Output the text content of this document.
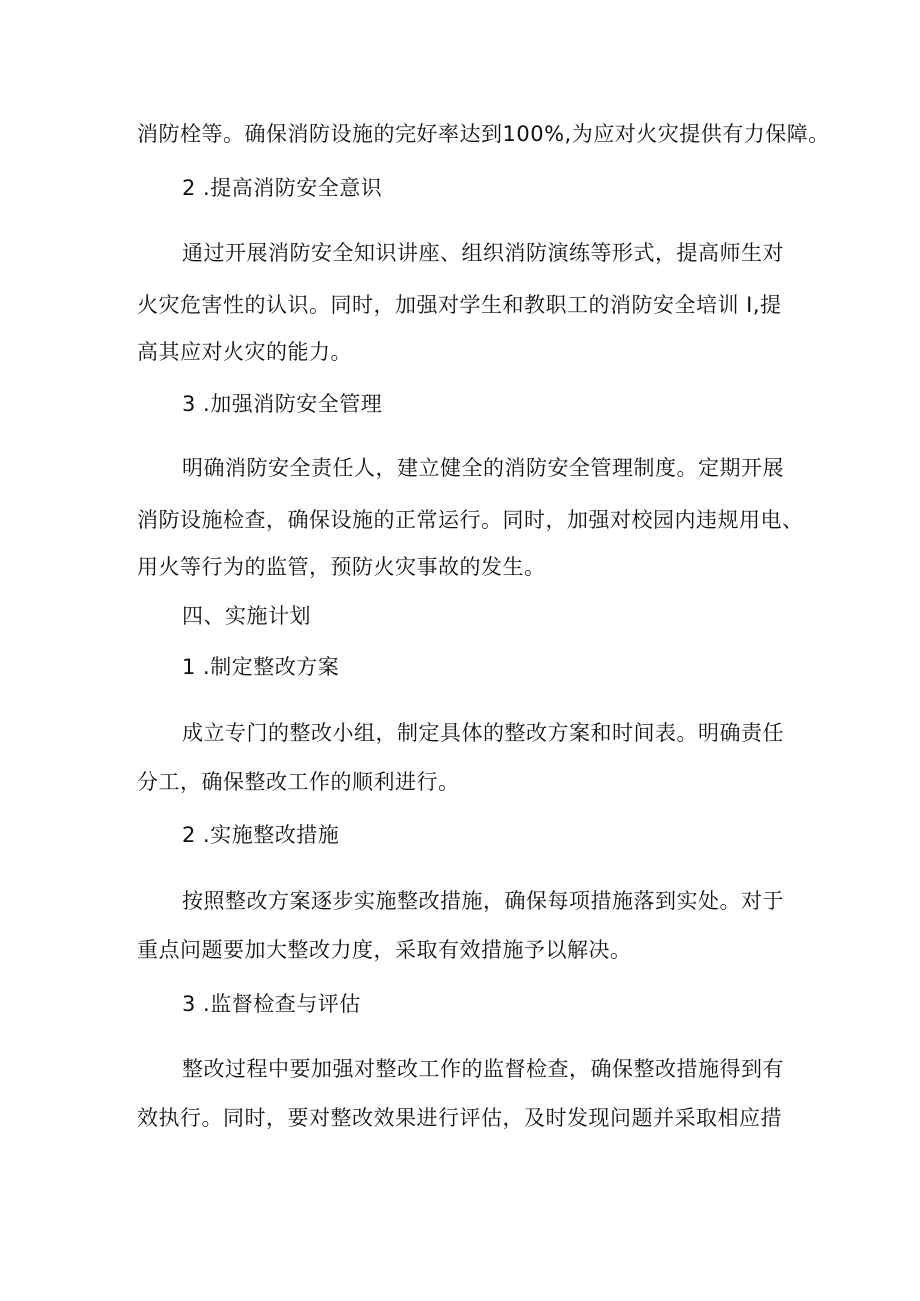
消防栓等。确保消防设施的完好率达到100%,为应对火灾提供有力保障。
2 .提高消防安全意识
通过开展消防安全知识讲座、组织消防演练等形式，提高师生对
火灾危害性的认识。同时，加强对学生和教职工的消防安全培训 I,提
高其应对火灾的能力。
3 .加强消防安全管理
明确消防安全责任人，建立健全的消防安全管理制度。定期开展
消防设施检查，确保设施的正常运行。同时，加强对校园内违规用电、
用火等行为的监管，预防火灾事故的发生。
四、实施计划
1 .制定整改方案
成立专门的整改小组，制定具体的整改方案和时间表。明确责任
分工，确保整改工作的顺利进行。
2 .实施整改措施
按照整改方案逐步实施整改措施，确保每项措施落到实处。对于
重点问题要加大整改力度，采取有效措施予以解决。
3 .监督检查与评估
整改过程中要加强对整改工作的监督检查，确保整改措施得到有
效执行。同时，要对整改效果进行评估，及时发现问题并采取相应措
